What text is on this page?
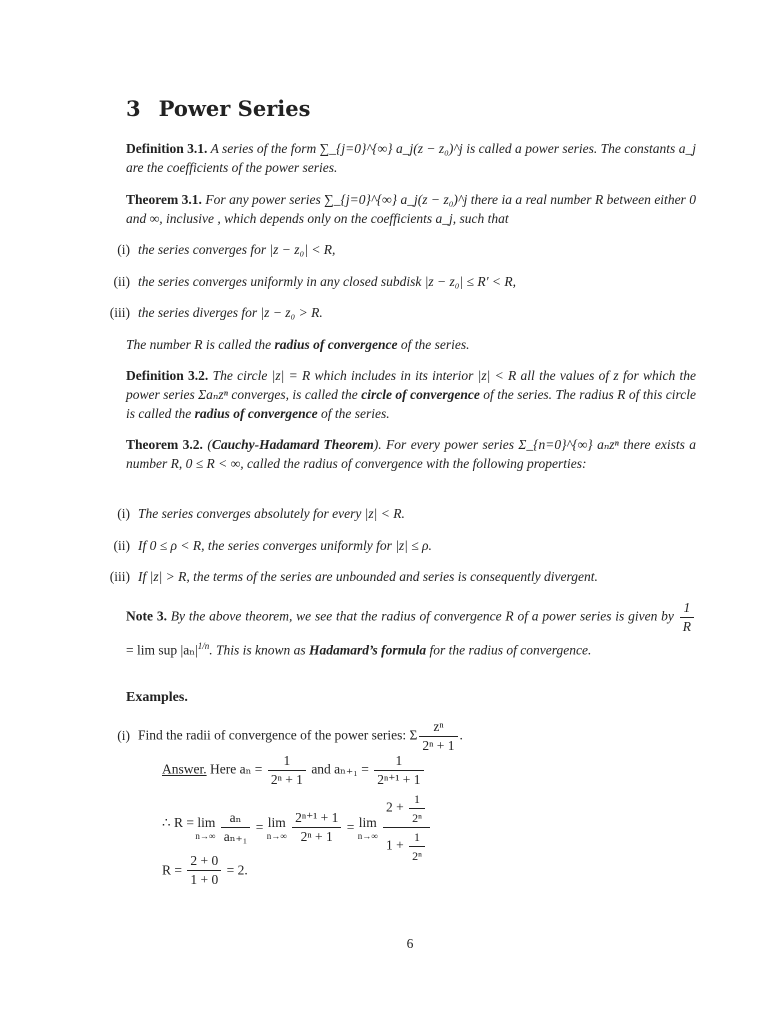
3 Power Series
Definition 3.1. A series of the form ∑_{j=0}^{∞} a_j(z − z₀)^j is called a power series. The constants a_j are the coefficients of the power series.
Theorem 3.1. For any power series ∑_{j=0}^{∞} a_j(z − z₀)^j there ia a real number R between either 0 and ∞, inclusive , which depends only on the coefficients a_j, such that
(i) the series converges for |z − z₀| < R,
(ii) the series converges uniformly in any closed subdisk |z − z₀| ≤ R′ < R,
(iii) the series diverges for |z − z₀ > R.
The number R is called the radius of convergence of the series.
Definition 3.2. The circle |z| = R which includes in its interior |z| < R all the values of z for which the power series Σaₙzⁿ converges, is called the circle of convergence of the series. The radius R of this circle is called the radius of convergence of the series.
Theorem 3.2. (Cauchy-Hadamard Theorem). For every power series Σ_{n=0}^{∞} aₙzⁿ there exists a number R, 0 ≤ R < ∞, called the radius of convergence with the following properties:
(i) The series converges absolutely for every |z| < R.
(ii) If 0 ≤ ρ < R, the series converges uniformly for |z| ≤ ρ.
(iii) If |z| > R, the terms of the series are unbounded and series is consequently divergent.
Note 3. By the above theorem, we see that the radius of convergence R of a power series is given by $\frac{1}{R}$
= lim sup $|a_n|^{1/n}$. This is known as Hadamard’s formula for the radius of convergence.
Examples.
(i) Find the radii of convergence of the power series: Σ $\frac{\text{zⁿ}}{\text{2ⁿ + 1}}$ .
Answer. Here $a_n = \frac{1}{\text{2ⁿ + 1}}$ and $a_{n+1} = \frac{1}{\text{2ⁿ⁺¹ + 1}}$
∴ R = lim
n→∞
$\frac{\text{aₙ}}{\text{aₙ₊₁}} = \lim$
n→∞
$\frac{\text{2ⁿ⁺¹ + 1}}{\text{2ⁿ + 1}} = \lim$
n→∞
$\frac{2 + \frac{1}{\text{2ⁿ}}}{1 + \frac{1}{\text{2ⁿ}}}$
$R = \frac{2 + 0}{1 + 0} = 2$.
6
